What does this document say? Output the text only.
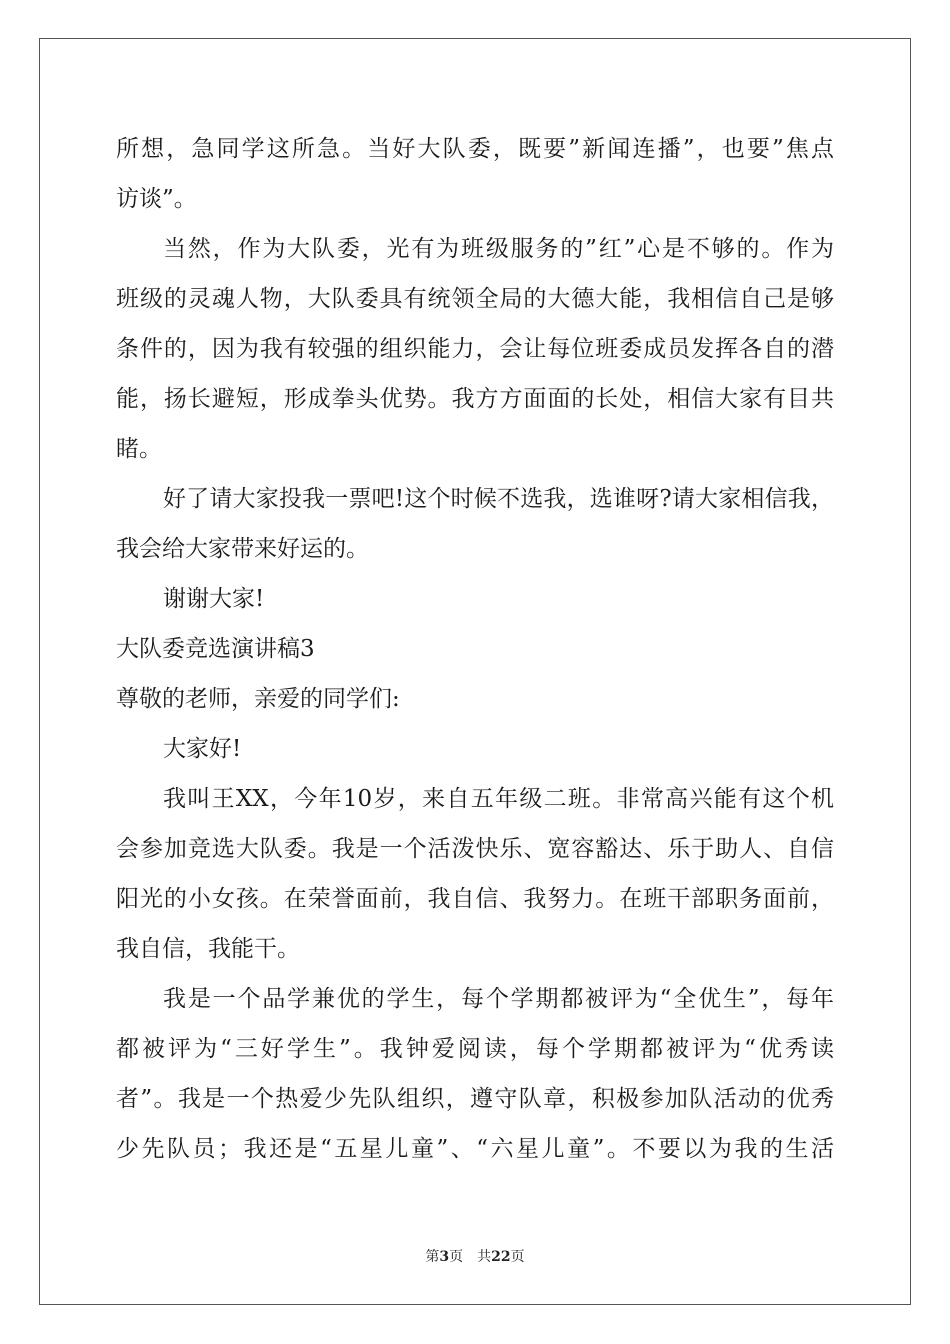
所想，急同学这所急。当好大队委，既要”新闻连播”，也要”焦点
访谈”。
当然，作为大队委，光有为班级服务的”红”心是不够的。作为
班级的灵魂人物，大队委具有统领全局的大德大能，我相信自己是够
条件的，因为我有较强的组织能力，会让每位班委成员发挥各自的潜
能，扬长避短，形成拳头优势。我方方面面的长处，相信大家有目共
睹。
好了请大家投我一票吧!这个时候不选我，选谁呀?请大家相信我，
我会给大家带来好运的。
谢谢大家!
大队委竞选演讲稿3
尊敬的老师，亲爱的同学们:
大家好!
我叫王XX，今年10岁，来自五年级二班。非常高兴能有这个机
会参加竞选大队委。我是一个活泼快乐、宽容豁达、乐于助人、自信
阳光的小女孩。在荣誉面前，我自信、我努力。在班干部职务面前，
我自信，我能干。
我是一个品学兼优的学生，每个学期都被评为“全优生”，每年
都被评为“三好学生”。我钟爱阅读，每个学期都被评为“优秀读
者”。我是一个热爱少先队组织，遵守队章，积极参加队活动的优秀
少先队员；我还是“五星儿童”、“六星儿童”。不要以为我的生活
第3页 共22页
